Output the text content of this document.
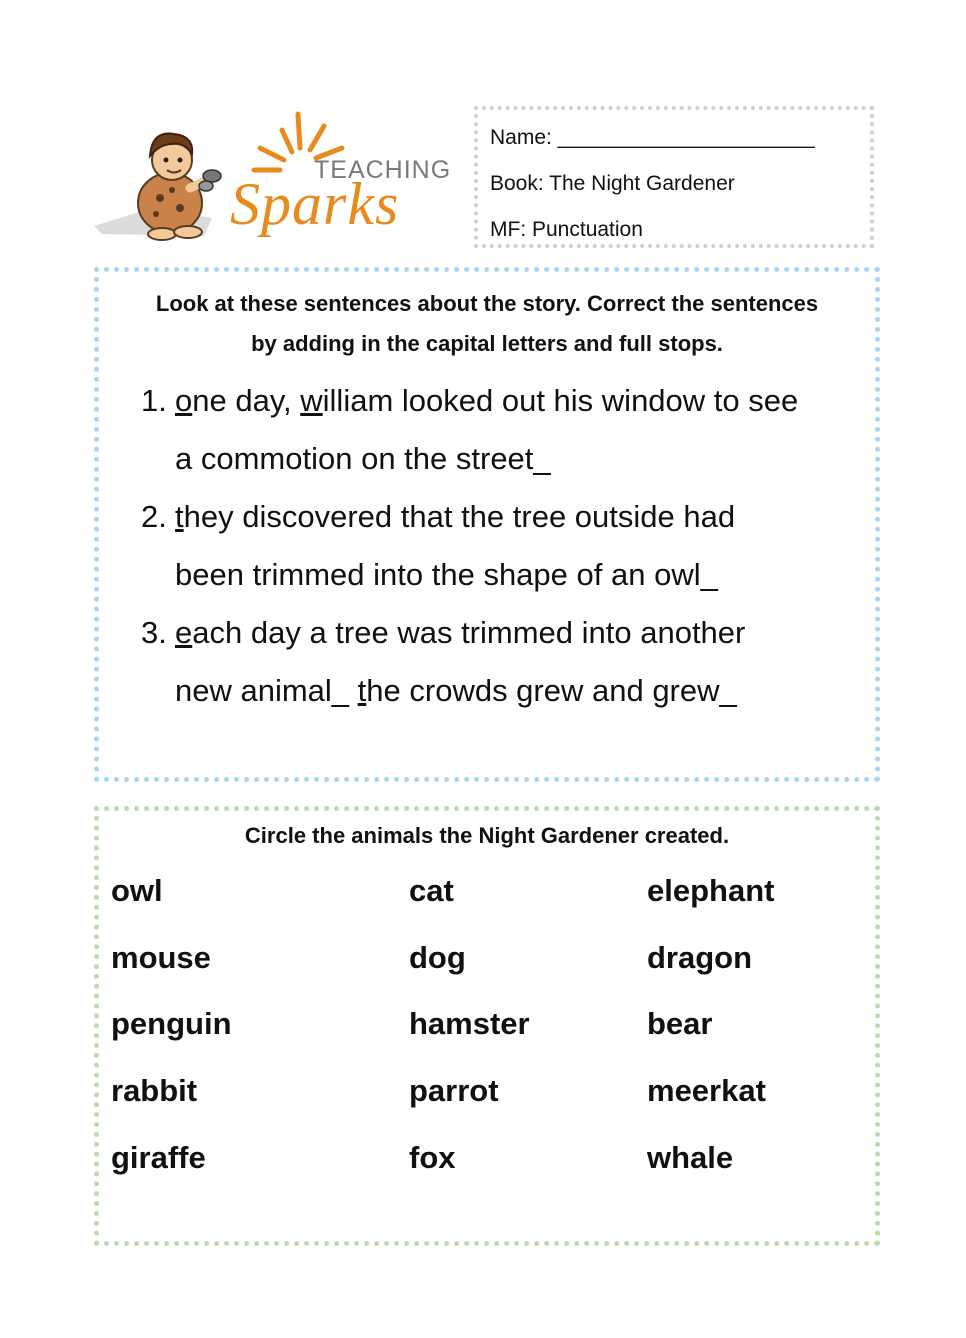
TEACHING
Sparks
Name: ______________________
Book: The Night Gardener
MF: Punctuation
Look at these sentences about the story. Correct the sentences
by adding in the capital letters and full stops.
1. one day, william looked out his window to see
a commotion on the street_
2. they discovered that the tree outside had
been trimmed into the shape of an owl_
3. each day a tree was trimmed into another
new animal_ the crowds grew and grew_
Circle the animals the Night Gardener created.
owl	cat	elephant
mouse	dog	dragon
penguin	hamster	bear
rabbit	parrot	meerkat
giraffe	fox	whale
